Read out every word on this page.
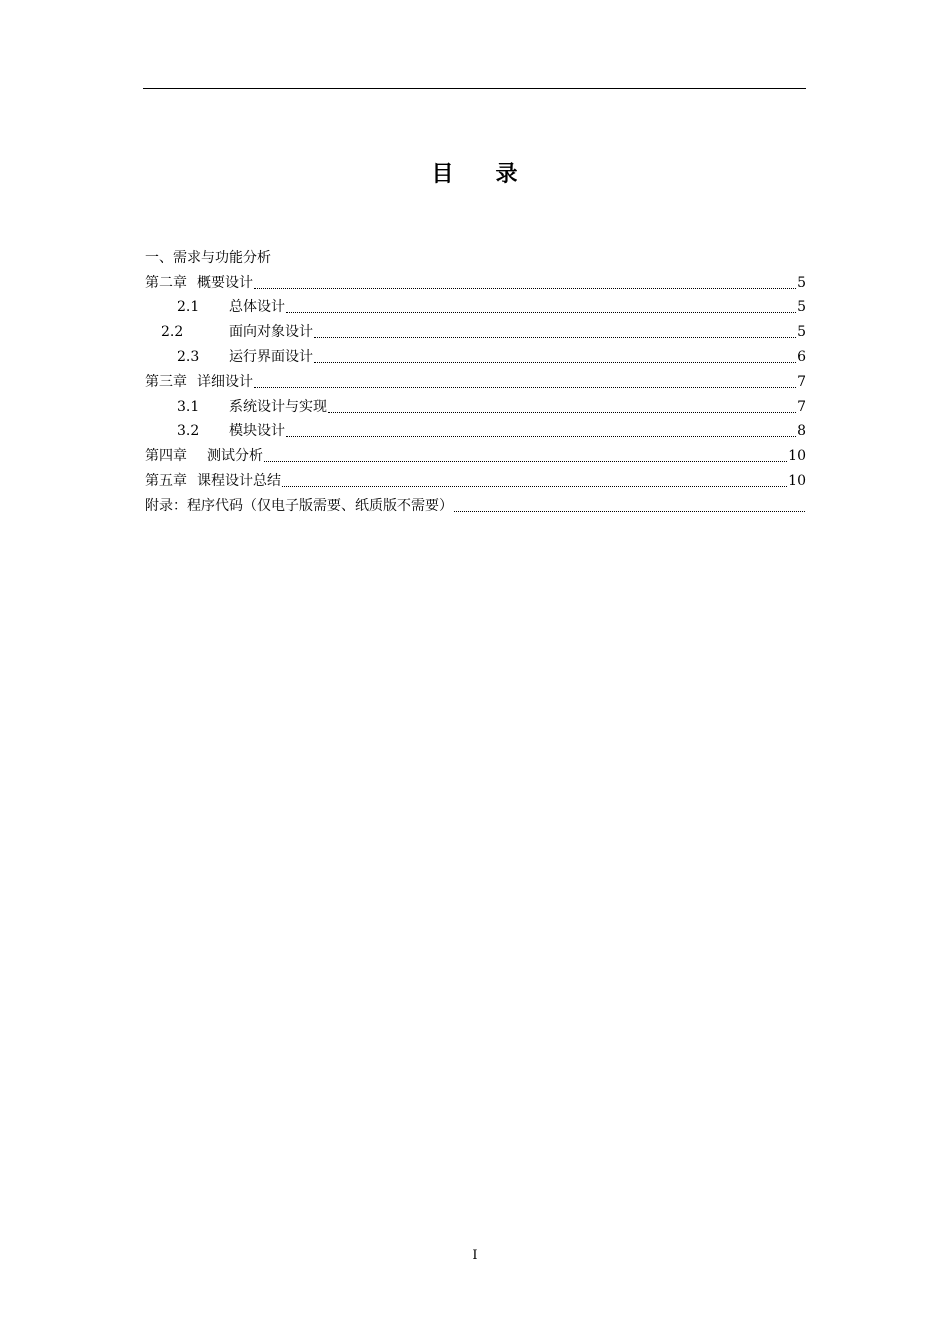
目录
一、 需求与功能分析
第二章 概要设计	5
2.1	总体设计	5
2.2	面向对象设计	5
2.3	运行界面设计	6
第三章 详细设计	7
3.1	系统设计与实现	7
3.2	模块设计	8
第四章 测试分析	10
第五章 课程设计总结	10
附录： 程序代码（仅电子版需要、纸质版不需要）
I
